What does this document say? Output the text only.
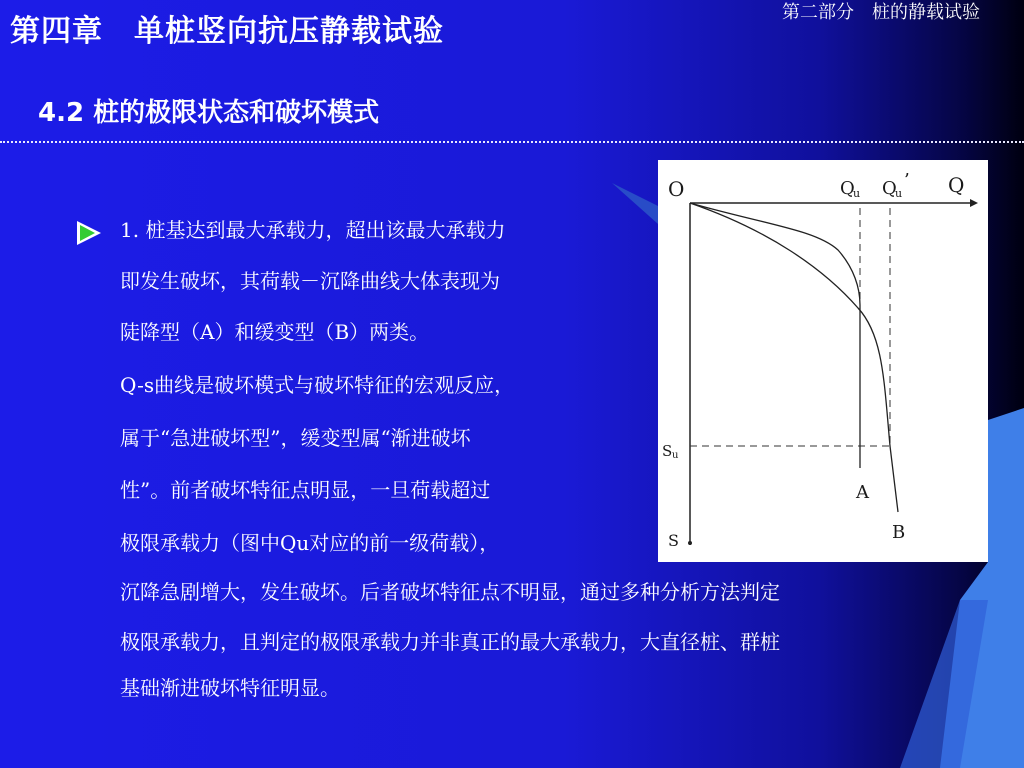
第四章　单桩竖向抗压静载试验
第二部分　桩的静载试验
4.2 桩的极限状态和破坏模式
1. 桩基达到最大承载力，超出该最大承载力
即发生破坏，其荷载－沉降曲线大体表现为
陡降型（A）和缓变型（B）两类。
Q-s曲线是破坏模式与破坏特征的宏观反应，
属于“急进破坏型”，缓变型属“渐进破坏
性”。前者破坏特征点明显，一旦荷载超过
极限承载力（图中Qu对应的前一级荷载），
沉降急剧增大，发生破坏。后者破坏特征点不明显，通过多种分析方法判定
极限承载力，且判定的极限承载力并非真正的最大承载力，大直径桩、群桩
基础渐进破坏特征明显。
O	Q
u Q
u
’ Q
S u
S
A
B
